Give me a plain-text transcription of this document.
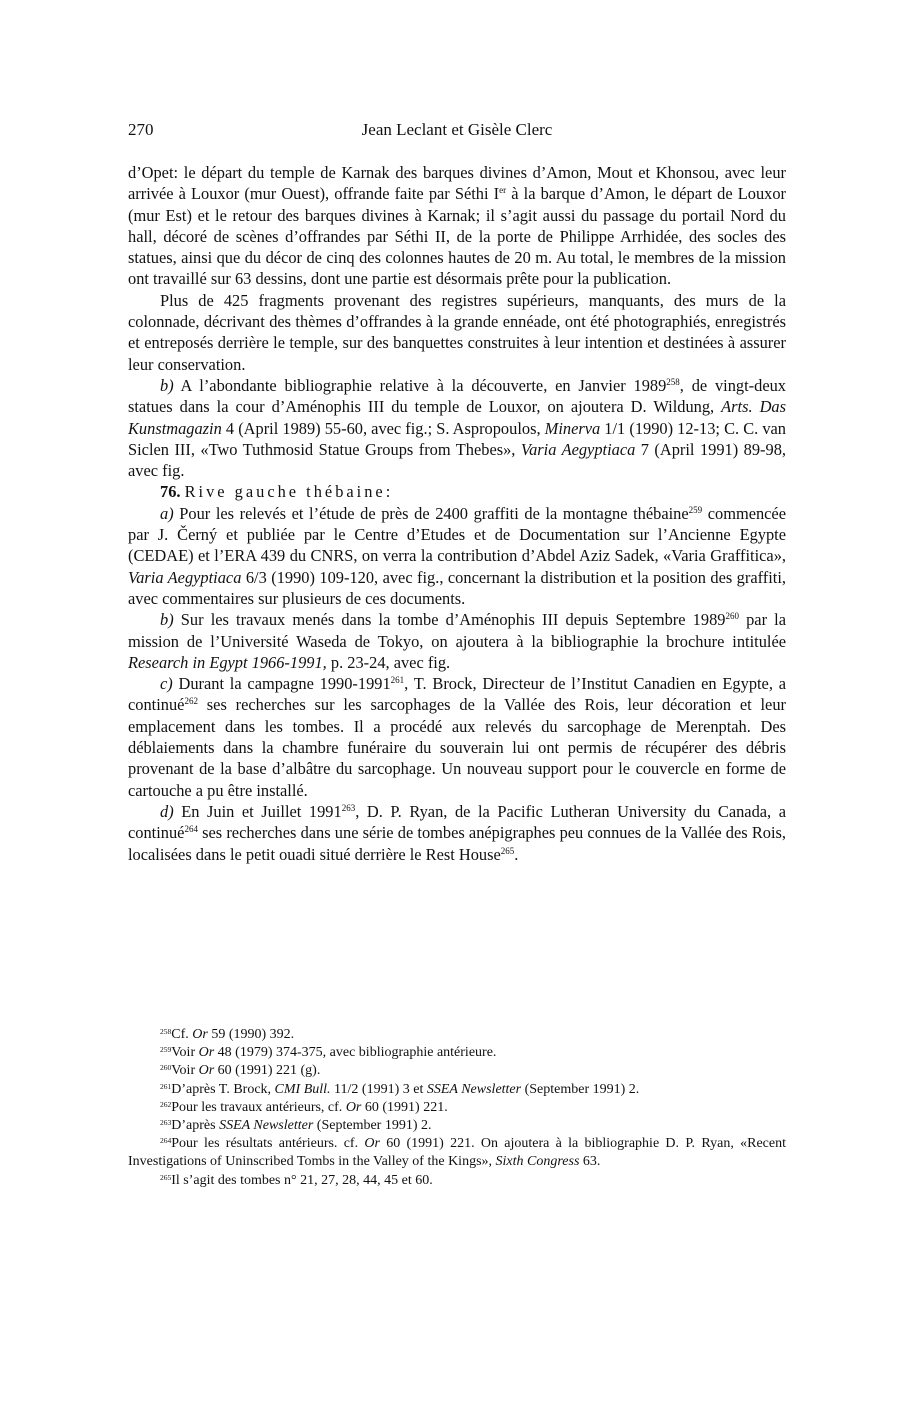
270	Jean Leclant et Gisèle Clerc

d’Opet: le départ du temple de Karnak des barques divines d’Amon, Mout et Khonsou, avec leur arrivée à Louxor (mur Ouest), offrande faite par Séthi Ier à la barque d’Amon, le départ de Louxor (mur Est) et le retour des barques divines à Karnak; il s’agit aussi du passage du portail Nord du hall, décoré de scènes d’offrandes par Séthi II, de la porte de Philippe Arrhidée, des socles des statues, ainsi que du décor de cinq des colonnes hautes de 20 m. Au total, le membres de la mission ont travaillé sur 63 dessins, dont une partie est désormais prête pour la publication.

Plus de 425 fragments provenant des registres supérieurs, manquants, des murs de la colonnade, décrivant des thèmes d’offrandes à la grande ennéade, ont été photographiés, enregistrés et entreposés derrière le temple, sur des banquettes construites à leur intention et destinées à assurer leur conservation.

b) A l’abondante bibliographie relative à la découverte, en Janvier 1989$^{258}$, de vingt-deux statues dans la cour d’Aménophis III du temple de Louxor, on ajoutera D. Wildung, Arts. Das Kunstmagazin 4 (April 1989) 55-60, avec fig.; S. Aspropoulos, Minerva 1/1 (1990) 12-13; C. C. van Siclen III, «Two Tuthmosid Statue Groups from Thebes», Varia Aegyptiaca 7 (April 1991) 89-98, avec fig.

76. Rive gauche thébaine:

a) Pour les relevés et l’étude de près de 2400 graffiti de la montagne thébaine$^{259}$ commencée par J. Černý et publiée par le Centre d’Etudes et de Documentation sur l’Ancienne Egypte (CEDAE) et l’ERA 439 du CNRS, on verra la contribution d’Abdel Aziz Sadek, «Varia Graffitica», Varia Aegyptiaca 6/3 (1990) 109-120, avec fig., concernant la distribution et la position des graffiti, avec commentaires sur plusieurs de ces documents.

b) Sur les travaux menés dans la tombe d’Aménophis III depuis Septembre 1989$^{260}$ par la mission de l’Université Waseda de Tokyo, on ajoutera à la bibliographie la brochure intitulée Research in Egypt 1966-1991, p. 23-24, avec fig.

c) Durant la campagne 1990-1991$^{261}$, T. Brock, Directeur de l’Institut Canadien en Egypte, a continué$^{262}$ ses recherches sur les sarcophages de la Vallée des Rois, leur décoration et leur emplacement dans les tombes. Il a procédé aux relevés du sarcophage de Merenptah. Des déblaiements dans la chambre funéraire du souverain lui ont permis de récupérer des débris provenant de la base d’albâtre du sarcophage. Un nouveau support pour le couvercle en forme de cartouche a pu être installé.

d) En Juin et Juillet 1991$^{263}$, D. P. Ryan, de la Pacific Lutheran University du Canada, a continué$^{264}$ ses recherches dans une série de tombes anépigraphes peu connues de la Vallée des Rois, localisées dans le petit ouadi situé derrière le Rest House$^{265}$.

$^{258}$Cf. Or 59 (1990) 392.

$^{259}$Voir Or 48 (1979) 374-375, avec bibliographie antérieure.

$^{260}$Voir Or 60 (1991) 221 (g).

$^{261}$D’après T. Brock, CMI Bull. 11/2 (1991) 3 et SSEA Newsletter (September 1991) 2.

$^{262}$Pour les travaux antérieurs, cf. Or 60 (1991) 221.

$^{263}$D’après SSEA Newsletter (September 1991) 2.

$^{264}$Pour les résultats antérieurs. cf. Or 60 (1991) 221. On ajoutera à la bibliographie D. P. Ryan, «Recent Investigations of Uninscribed Tombs in the Valley of the Kings», Sixth Congress 63.

$^{265}$Il s’agit des tombes n° 21, 27, 28, 44, 45 et 60.
